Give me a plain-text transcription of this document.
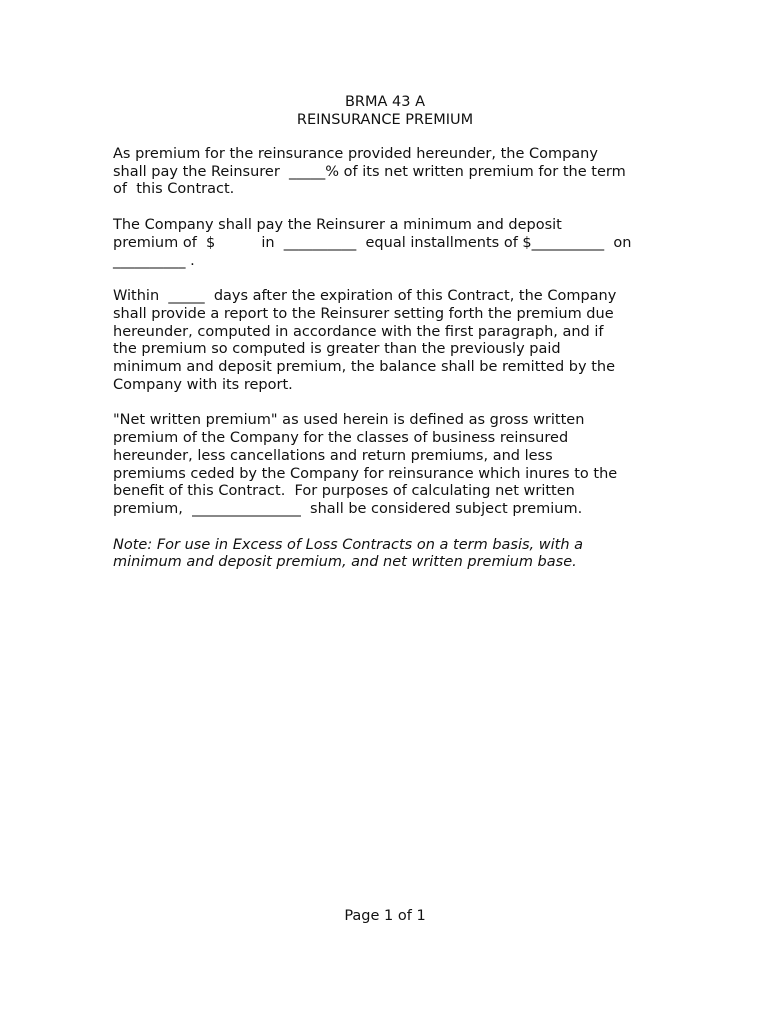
BRMA 43 A
REINSURANCE PREMIUM

As premium for the reinsurance provided hereunder, the Company
shall pay the Reinsurer  _____% of its net written premium for the term
of  this Contract.

The Company shall pay the Reinsurer a minimum and deposit
premium of  $          in  __________  equal installments of $__________  on
__________ .

Within  _____  days after the expiration of this Contract, the Company
shall provide a report to the Reinsurer setting forth the premium due
hereunder, computed in accordance with the first paragraph, and if
the premium so computed is greater than the previously paid
minimum and deposit premium, the balance shall be remitted by the
Company with its report.

"Net written premium" as used herein is defined as gross written
premium of the Company for the classes of business reinsured
hereunder, less cancellations and return premiums, and less
premiums ceded by the Company for reinsurance which inures to the
benefit of this Contract.  For purposes of calculating net written
premium,  _______________  shall be considered subject premium.

Note: For use in Excess of Loss Contracts on a term basis, with a
minimum and deposit premium, and net written premium base.

Page 1 of 1
